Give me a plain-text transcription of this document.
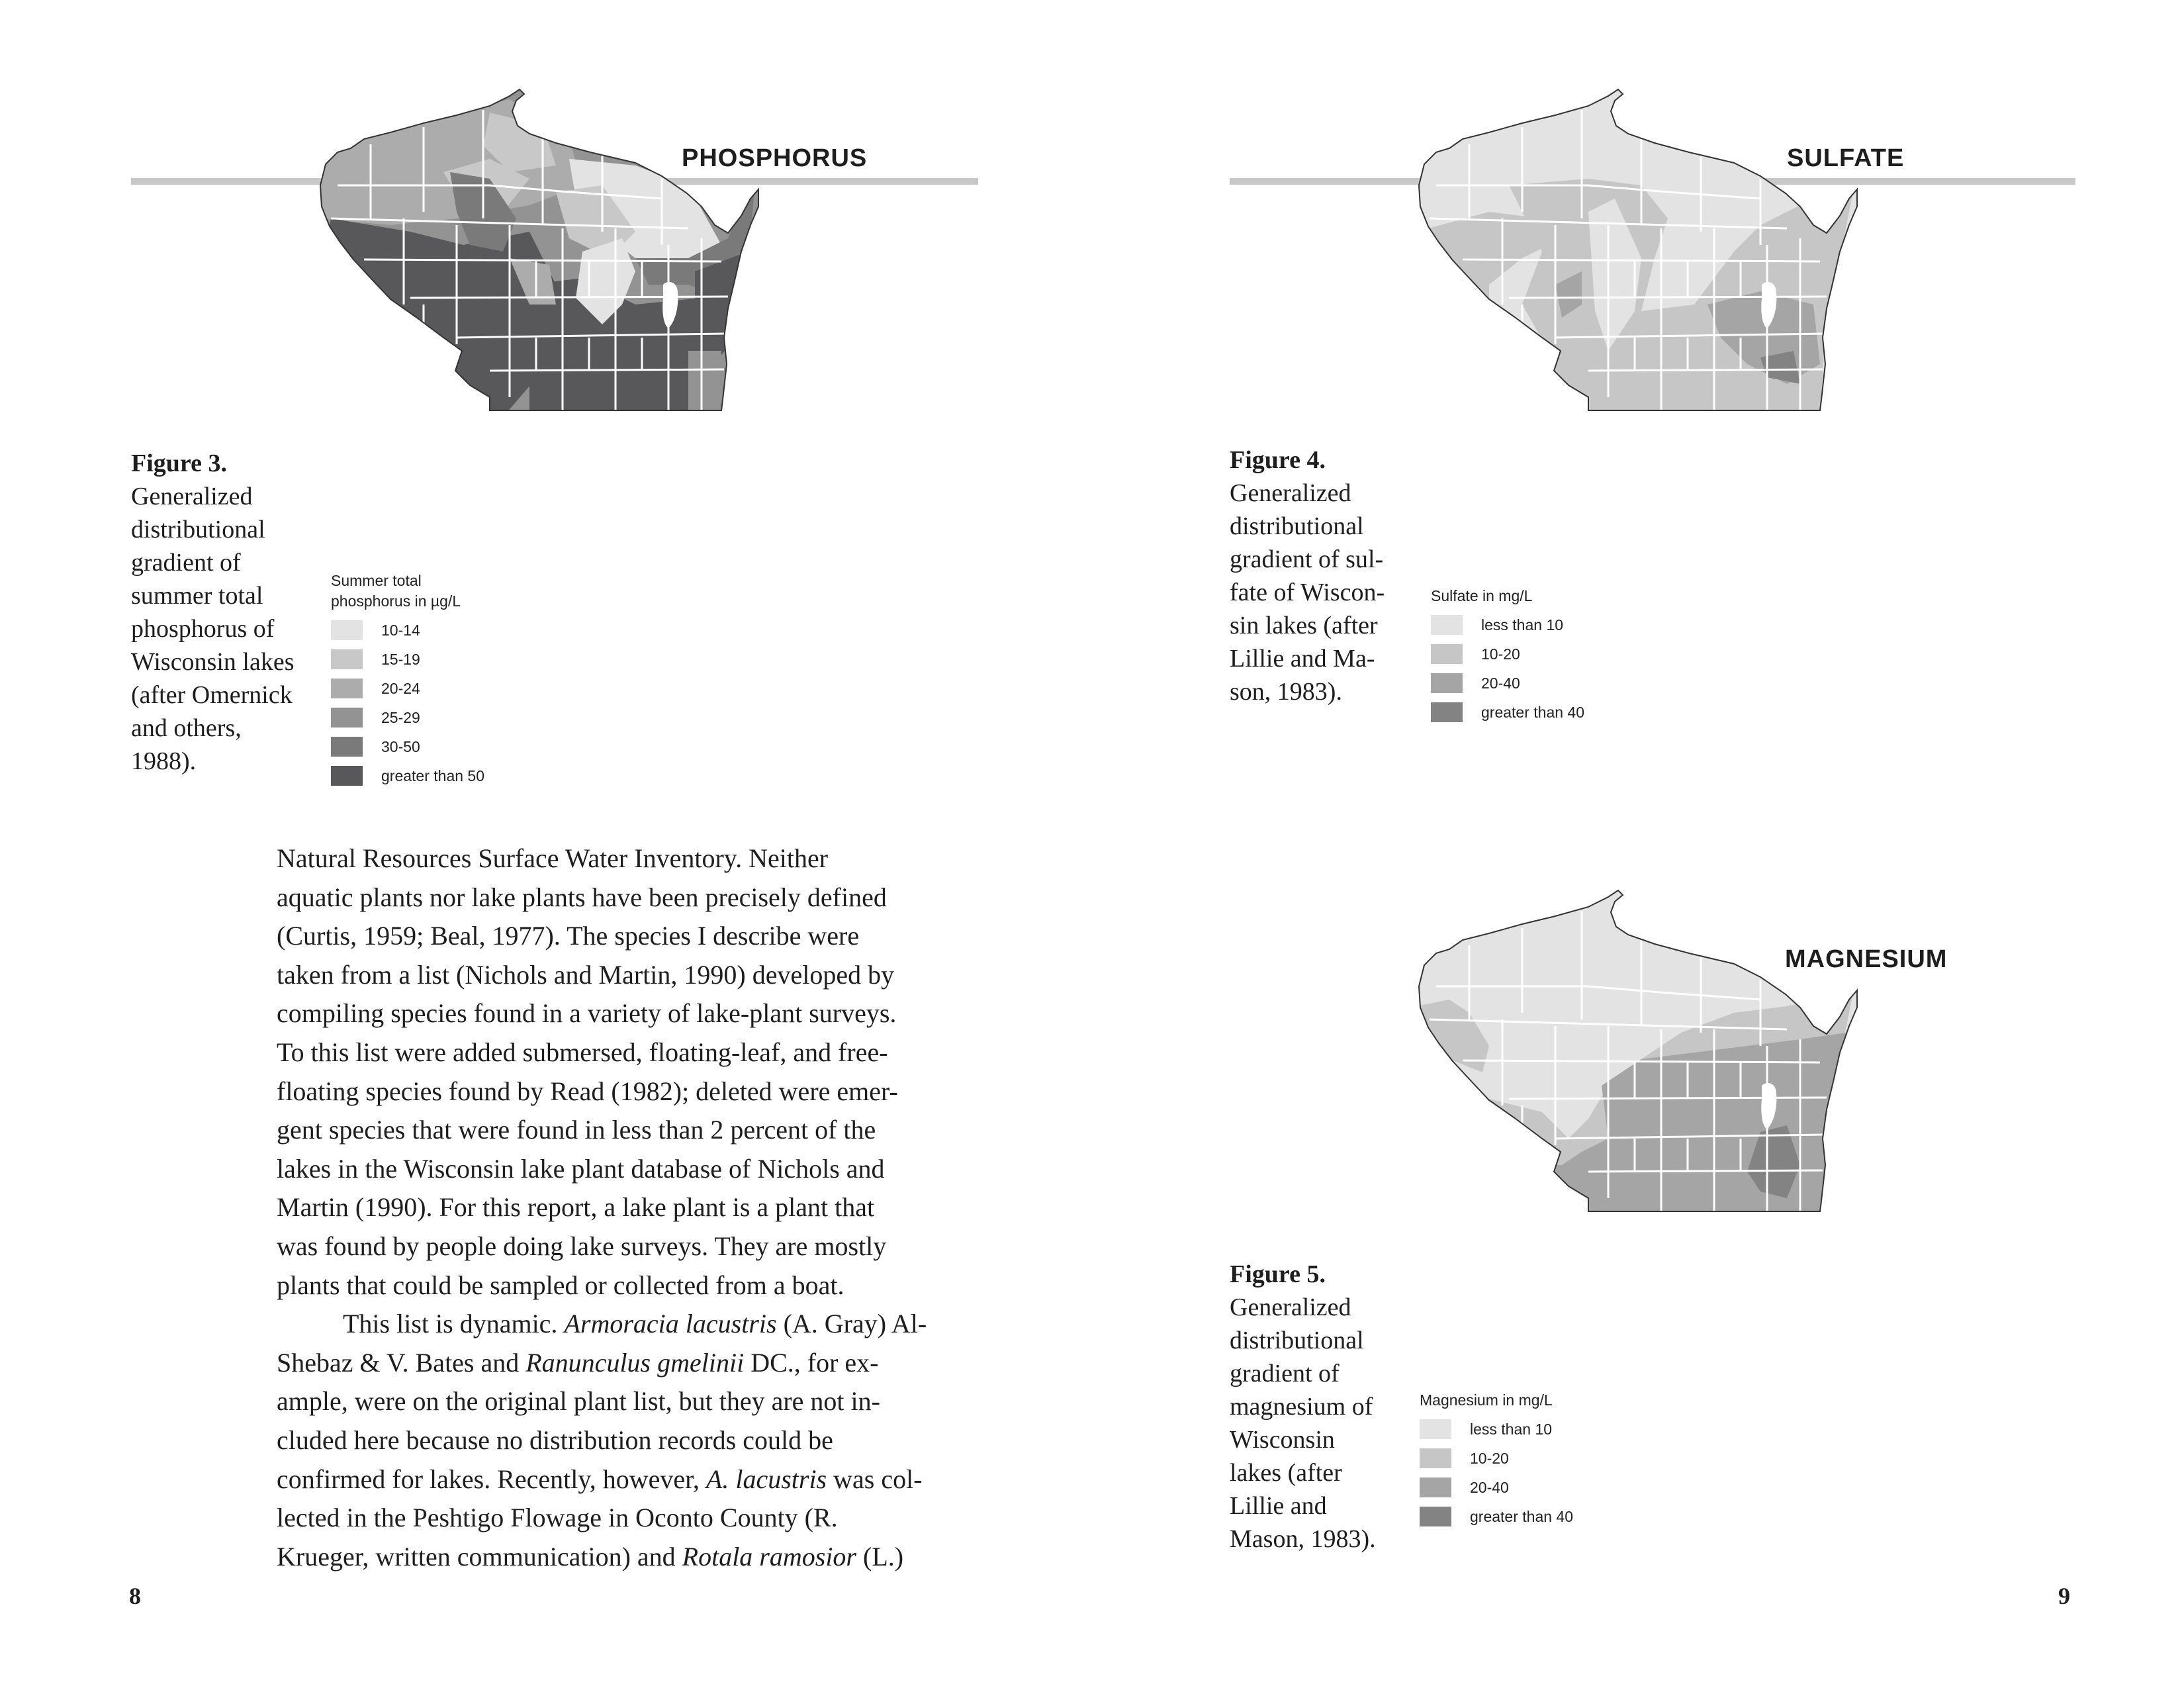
PHOSPHORUS
Figure 3.
Generalized
distributional
gradient of
summer total
phosphorus of
Wisconsin lakes
(after Omernick
and others,
1988).
Summer total
phosphorus in µg/L
10-14
15-19
20-24
25-29
30-50
greater than 50
Natural Resources Surface Water Inventory. Neither
aquatic plants nor lake plants have been precisely defined
(Curtis, 1959; Beal, 1977). The species I describe were
taken from a list (Nichols and Martin, 1990) developed by
compiling species found in a variety of lake-plant surveys.
To this list were added submersed, floating-leaf, and free-
floating species found by Read (1982); deleted were emer-
gent species that were found in less than 2 percent of the
lakes in the Wisconsin lake plant database of Nichols and
Martin (1990). For this report, a lake plant is a plant that
was found by people doing lake surveys. They are mostly
plants that could be sampled or collected from a boat.
This list is dynamic. Armoracia lacustris (A. Gray) Al-
Shebaz & V. Bates and Ranunculus gmelinii DC., for ex-
ample, were on the original plant list, but they are not in-
cluded here because no distribution records could be
confirmed for lakes. Recently, however, A. lacustris was col-
lected in the Peshtigo Flowage in Oconto County (R.
Krueger, written communication) and Rotala ramosior (L.)
8
SULFATE
Figure 4.
Generalized
distributional
gradient of sul-
fate of Wiscon-
sin lakes (after
Lillie and Ma-
son, 1983).
Sulfate in mg/L
less than 10
10-20
20-40
greater than 40
MAGNESIUM
Figure 5.
Generalized
distributional
gradient of
magnesium of
Wisconsin
lakes (after
Lillie and
Mason, 1983).
Magnesium in mg/L
less than 10
10-20
20-40
greater than 40
9
